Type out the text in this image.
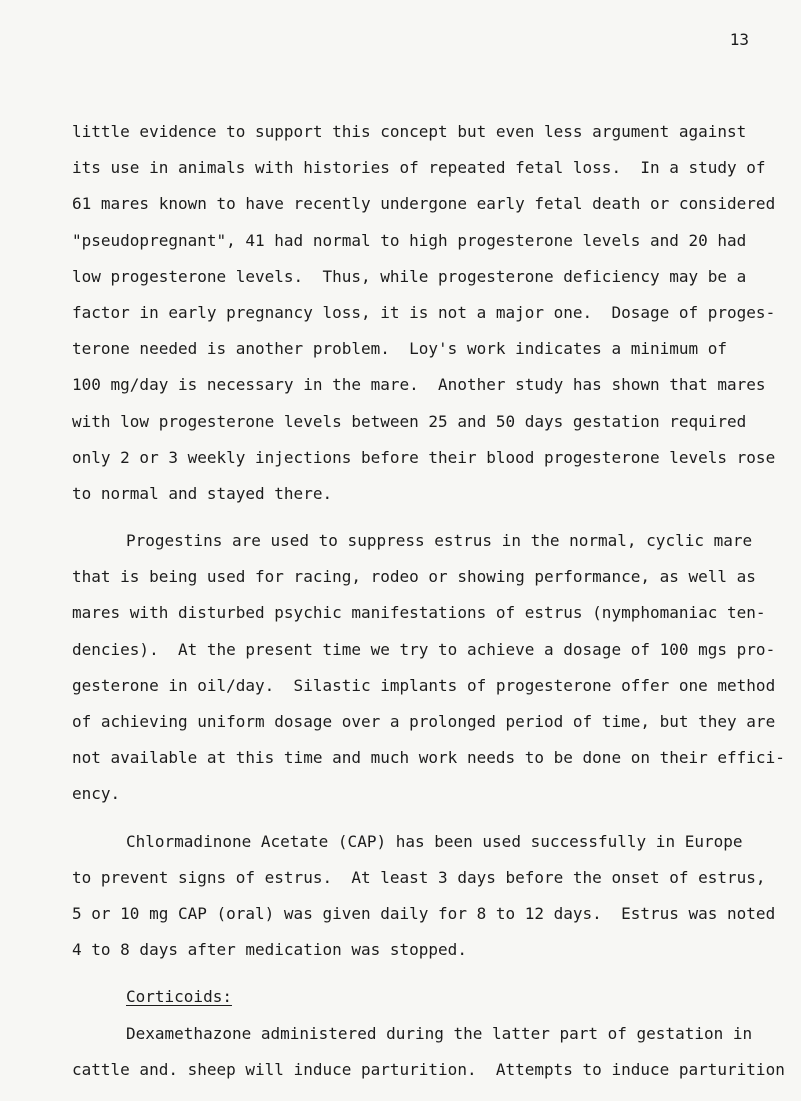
13
little evidence to support this concept but even less argument against
its use in animals with histories of repeated fetal loss.  In a study of
61 mares known to have recently undergone early fetal death or considered
"pseudopregnant", 41 had normal to high progesterone levels and 20 had
low progesterone levels.  Thus, while progesterone deficiency may be a
factor in early pregnancy loss, it is not a major one.  Dosage of proges-
terone needed is another problem.  Loy's work indicates a minimum of
100 mg/day is necessary in the mare.  Another study has shown that mares
with low progesterone levels between 25 and 50 days gestation required
only 2 or 3 weekly injections before their blood progesterone levels rose
to normal and stayed there.
Progestins are used to suppress estrus in the normal, cyclic mare
that is being used for racing, rodeo or showing performance, as well as
mares with disturbed psychic manifestations of estrus (nymphomaniac ten-
dencies).  At the present time we try to achieve a dosage of 100 mgs pro-
gesterone in oil/day.  Silastic implants of progesterone offer one method
of achieving uniform dosage over a prolonged period of time, but they are
not available at this time and much work needs to be done on their effici-
ency.
Chlormadinone Acetate (CAP) has been used successfully in Europe
to prevent signs of estrus.  At least 3 days before the onset of estrus,
5 or 10 mg CAP (oral) was given daily for 8 to 12 days.  Estrus was noted
4 to 8 days after medication was stopped.
Corticoids:
Dexamethazone administered during the latter part of gestation in
cattle and. sheep will induce parturition.  Attempts to induce parturition
